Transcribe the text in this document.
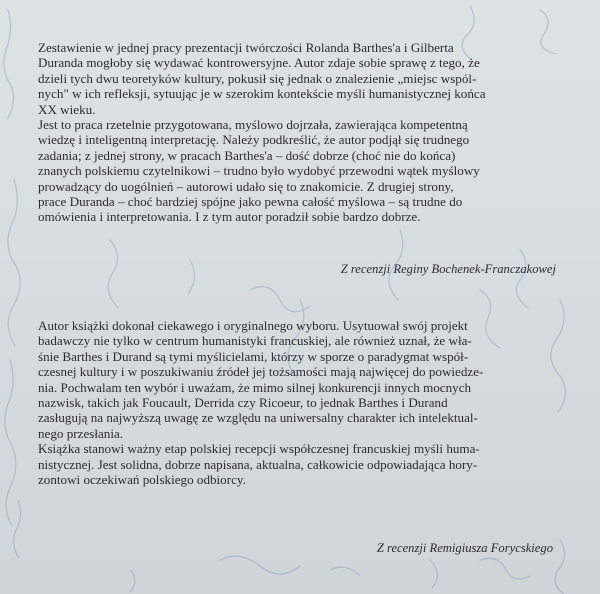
Zestawienie w jednej pracy prezentacji twórczości Rolanda Barthes'a i Gilberta
Duranda mogłoby się wydawać kontrowersyjne. Autor zdaje sobie sprawę z tego, że
dzieli tych dwu teoretyków kultury, pokusił się jednak o znalezienie „miejsc wspól-
nych" w ich refleksji, sytuując je w szerokim kontekście myśli humanistycznej końca
XX wieku.

Jest to praca rzetelnie przygotowana, myślowo dojrzała, zawierająca kompetentną
wiedzę i inteligentną interpretację. Należy podkreślić, że autor podjął się trudnego
zadania; z jednej strony, w pracach Barthes'a – dość dobrze (choć nie do końca)
znanych polskiemu czytelnikowi – trudno było wydobyć przewodni wątek myślowy
prowadzący do uogólnień – autorowi udało się to znakomicie. Z drugiej strony,
prace Duranda – choć bardziej spójne jako pewna całość myślowa – są trudne do
omówienia i interpretowania. I z tym autor poradził sobie bardzo dobrze.

Z recenzji Reginy Bochenek-Franczakowej

Autor książki dokonał ciekawego i oryginalnego wyboru. Usytuował swój projekt
badawczy nie tylko w centrum humanistyki francuskiej, ale również uznał, że wła-
śnie Barthes i Durand są tymi myślicielami, którzy w sporze o paradygmat współ-
czesnej kultury i w poszukiwaniu źródeł jej tożsamości mają najwięcej do powiedze-
nia. Pochwalam ten wybór i uważam, że mimo silnej konkurencji innych mocnych
nazwisk, takich jak Foucault, Derrida czy Ricoeur, to jednak Barthes i Durand
zasługują na najwyższą uwagę ze względu na uniwersalny charakter ich intelektual-
nego przesłania.

Książka stanowi ważny etap polskiej recepcji współczesnej francuskiej myśli huma-
nistycznej. Jest solidna, dobrze napisana, aktualna, całkowicie odpowiadająca hory-
zontowi oczekiwań polskiego odbiorcy.

Z recenzji Remigiusza Forycskiego
